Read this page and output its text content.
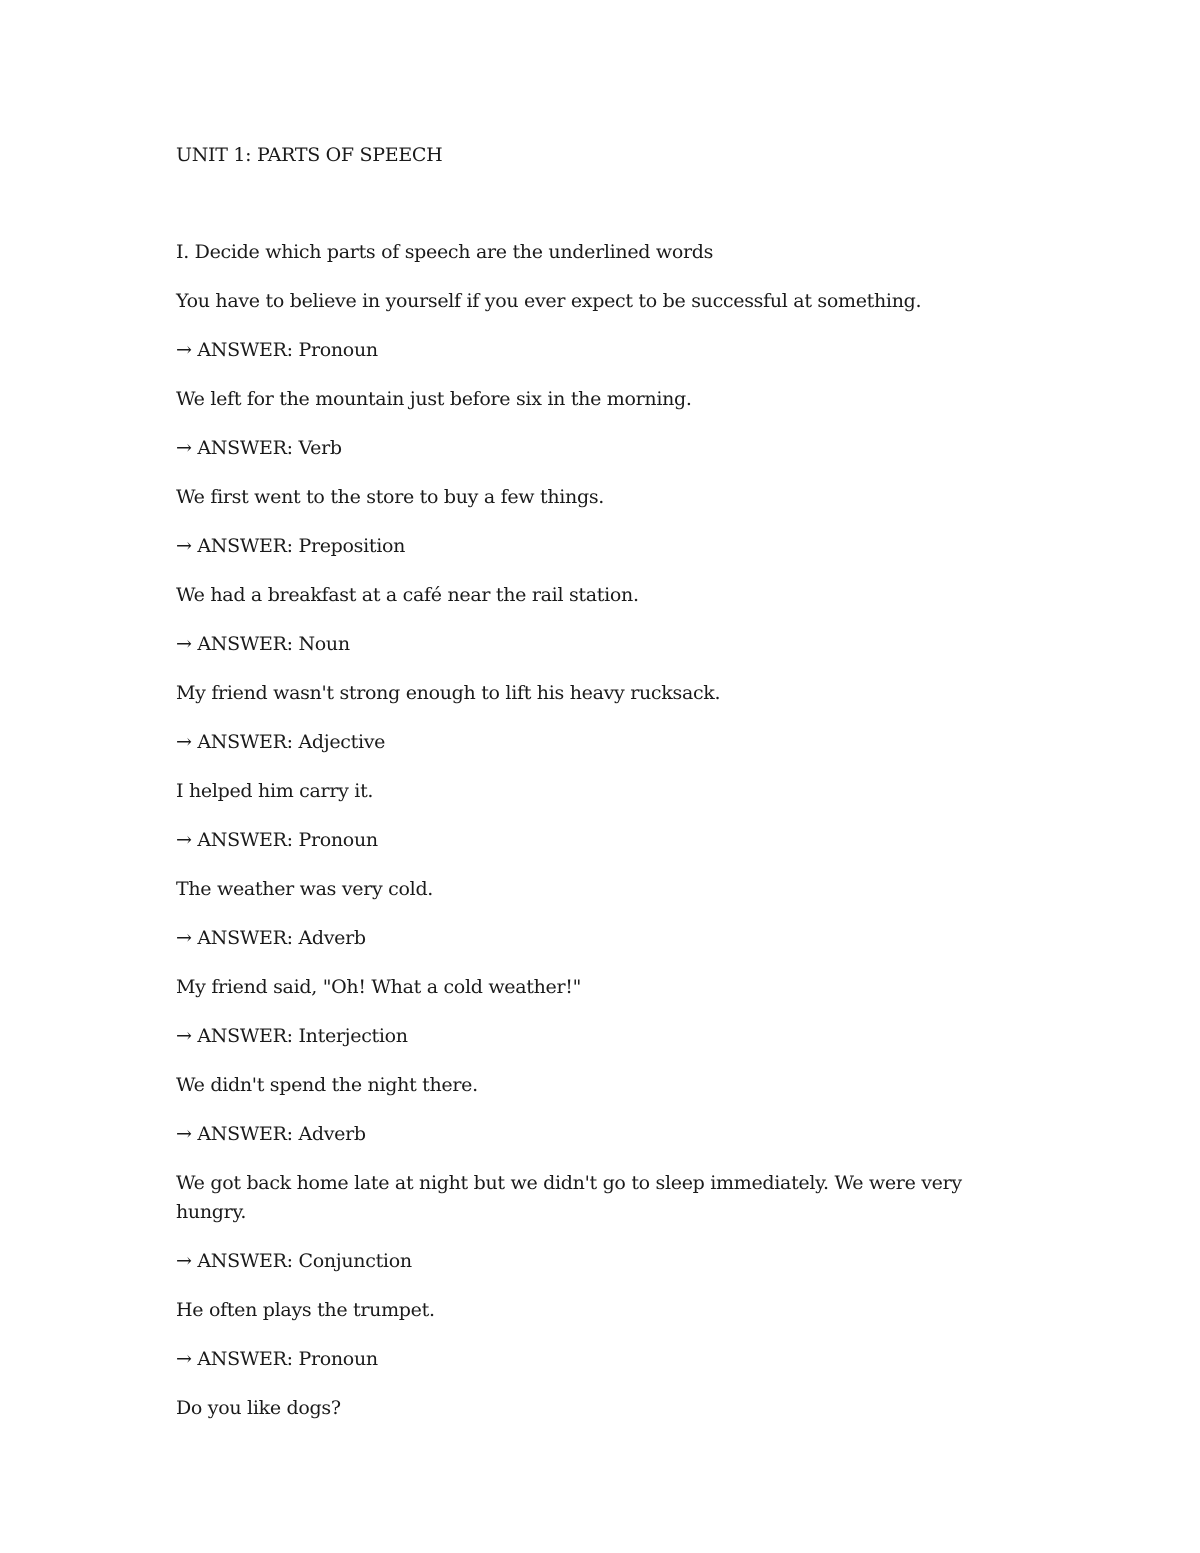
UNIT 1: PARTS OF SPEECH

I. Decide which parts of speech are the underlined words

You have to believe in yourself if you ever expect to be successful at something.

→ ANSWER: Pronoun

We left for the mountain just before six in the morning.

→ ANSWER: Verb

We first went to the store to buy a few things.

→ ANSWER: Preposition

We had a breakfast at a café near the rail station.

→ ANSWER: Noun

My friend wasn't strong enough to lift his heavy rucksack.

→ ANSWER: Adjective

I helped him carry it.

→ ANSWER: Pronoun

The weather was very cold.

→ ANSWER: Adverb

My friend said, "Oh! What a cold weather!"

→ ANSWER: Interjection

We didn't spend the night there.

→ ANSWER: Adverb

We got back home late at night but we didn't go to sleep immediately. We were very hungry.

→ ANSWER: Conjunction

He often plays the trumpet.

→ ANSWER: Pronoun

Do you like dogs?
